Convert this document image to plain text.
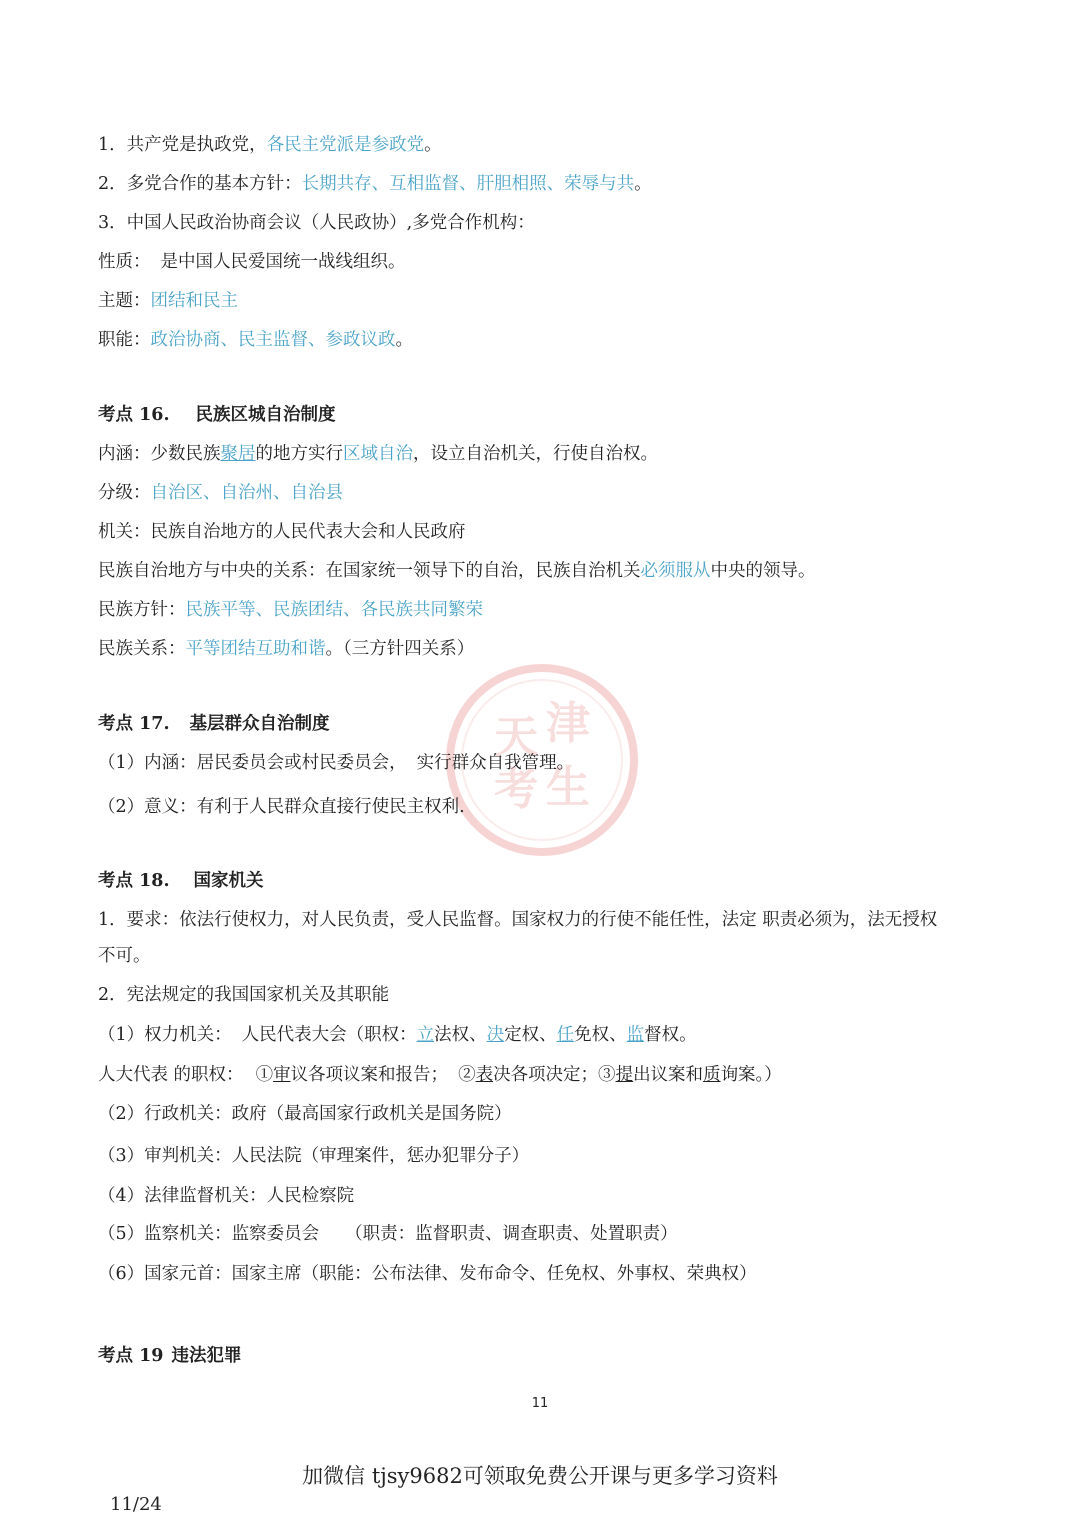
天 津考 生
1．共产党是执政党，各民主党派是参政党。
2．多党合作的基本方针：长期共存、互相监督、肝胆相照、荣辱与共。
3．中国人民政治协商会议（人民政协）,多党合作机构：
性质： 是中国人民爱国统一战线组织。
主题：团结和民主
职能：政治协商、民主监督、参政议政。
考点 16. 民族区城自治制度
内涵：少数民族聚居的地方实行区域自治，设立自治机关，行使自治权。
分级：自治区、自治州、自治县
机关：民族自治地方的人民代表大会和人民政府
民族自治地方与中央的关系：在国家统一领导下的自治，民族自治机关必须服从中央的领导。
民族方针：民族平等、民族团结、各民族共同繁荣
民族关系：平等团结互助和谐。（三方针四关系）
考点 17. 基层群众自治制度
（1）内涵：居民委员会或村民委员会， 实行群众自我管理。
（2）意义：有利于人民群众直接行使民主权利.
考点 18. 国家机关
1．要求：依法行使权力，对人民负责，受人民监督。国家权力的行使不能任性，法定 职责必须为，法无授权
不可。
2．宪法规定的我国国家机关及其职能
（1）权力机关： 人民代表大会（职权：立法权、决定权、任免权、监督权。
人大代表 的职权： ①审议各项议案和报告； ②表决各项决定；③提出议案和质询案。）
（2）行政机关：政府（最高国家行政机关是国务院）
（3）审判机关：人民法院（审理案件，惩办犯罪分子）
（4）法律监督机关：人民检察院
（5）监察机关：监察委员会 （职责：监督职责、调查职责、处置职责）
（6）国家元首：国家主席（职能：公布法律、发布命令、任免权、外事权、荣典权）
考点 19 违法犯罪
11
加微信 tjsy9682可领取免费公开课与更多学习资料
11/24
